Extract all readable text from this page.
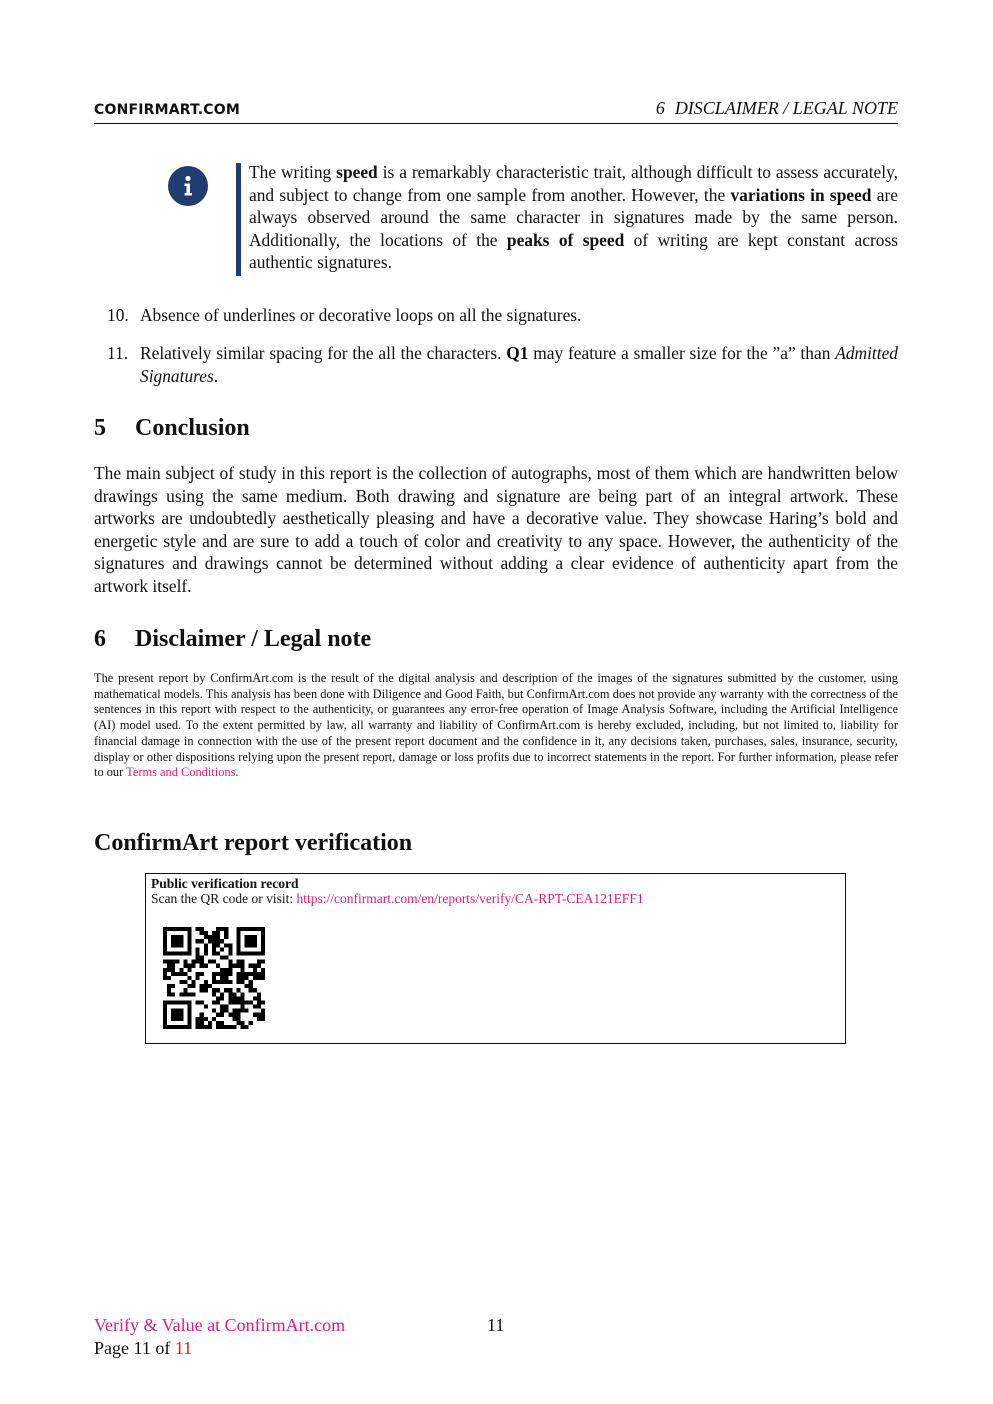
CONFIRMART.COM	6 DISCLAIMER / LEGAL NOTE
The writing speed is a remarkably characteristic trait, although difficult to assess accurately, and subject to change from one sample from another. However, the variations in speed are always observed around the same character in signatures made by the same person. Additionally, the locations of the peaks of speed of writing are kept constant across authentic signatures.
10. Absence of underlines or decorative loops on all the signatures.
11. Relatively similar spacing for the all the characters. Q1 may feature a smaller size for the ”a” than Admitted Signatures.
5 Conclusion
The main subject of study in this report is the collection of autographs, most of them which are handwritten below drawings using the same medium. Both drawing and signature are being part of an integral artwork. These artworks are undoubtedly aesthetically pleasing and have a decorative value. They showcase Haring’s bold and energetic style and are sure to add a touch of color and creativity to any space. However, the authenticity of the signatures and drawings cannot be determined without adding a clear evidence of authenticity apart from the artwork itself.
6 Disclaimer / Legal note
The present report by ConfirmArt.com is the result of the digital analysis and description of the images of the signatures submitted by the customer, using mathematical models. This analysis has been done with Diligence and Good Faith, but ConfirmArt.com does not provide any warranty with the correctness of the sentences in this report with respect to the authenticity, or guarantees any error-free operation of Image Analysis Software, including the Artificial Intelligence (AI) model used. To the extent permitted by law, all warranty and liability of ConfirmArt.com is hereby excluded, including, but not limited to, liability for financial damage in connection with the use of the present report document and the confidence in it, any decisions taken, purchases, sales, insurance, security, display or other dispositions relying upon the present report, damage or loss profits due to incorrect statements in the report. For further information, please refer to our Terms and Conditions.
ConfirmArt report verification
Public verification record
Scan the QR code or visit: https://confirmart.com/en/reports/verify/CA-RPT-CEA121EFF1
Verify & Value at ConfirmArt.com	11
Page 11 of 11
